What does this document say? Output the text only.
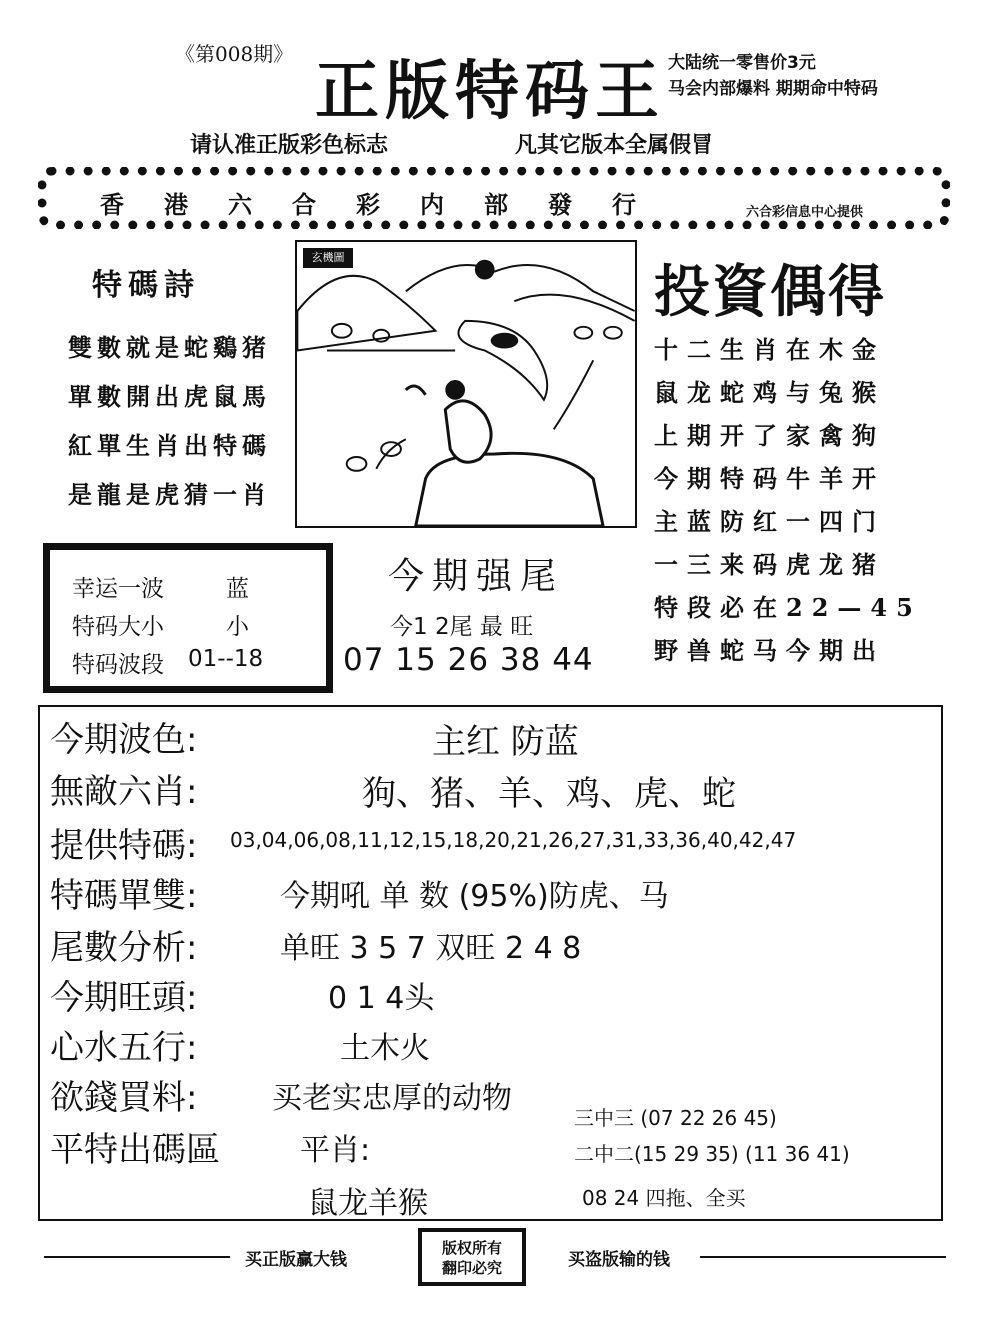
《第008期》
正版特码王 大陆统一零售价3元
马会内部爆料 期期命中特码
请认准正版彩色标志	凡其它版本全属假冒
香港六合彩内部發行	六合彩信息中心提供
特碼詩
雙數就是蛇鷄猪
單數開出虎鼠馬
紅單生肖出特碼
是龍是虎猜一肖
玄機圖
投資偶得
十二生肖在木金
鼠龙蛇鸡与兔猴
上期开了家禽狗
今期特码牛羊开
主蓝防红一四门
一三来码虎龙猪
特段必在22—45
野兽蛇马今期出
幸运一波	蓝
特码大小	小
特码波段 01--18
今期强尾
今1 2尾 最 旺
07 15 26 38 44
今期波色:	主红 防蓝
無敵六肖:	狗、猪、羊、鸡、虎、蛇
提供特碼: 03,04,06,08,11,12,15,18,20,21,26,27,31,33,36,40,42,47
特碼單雙:	今期吼 单 数 (95%)防虎、马
尾數分析:	单旺 3 5 7 双旺 2 4 8
今期旺頭:	0 1 4头
心水五行:	土木火
欲錢買料: 买老实忠厚的动物
平特出碼區	平肖:
鼠龙羊猴
三中三 (07 22 26 45)
二中二(15 29 35) (11 36 41)
08 24 四拖、全买
买正版赢大钱
版权所有
翻印必究	买盗版输的钱
